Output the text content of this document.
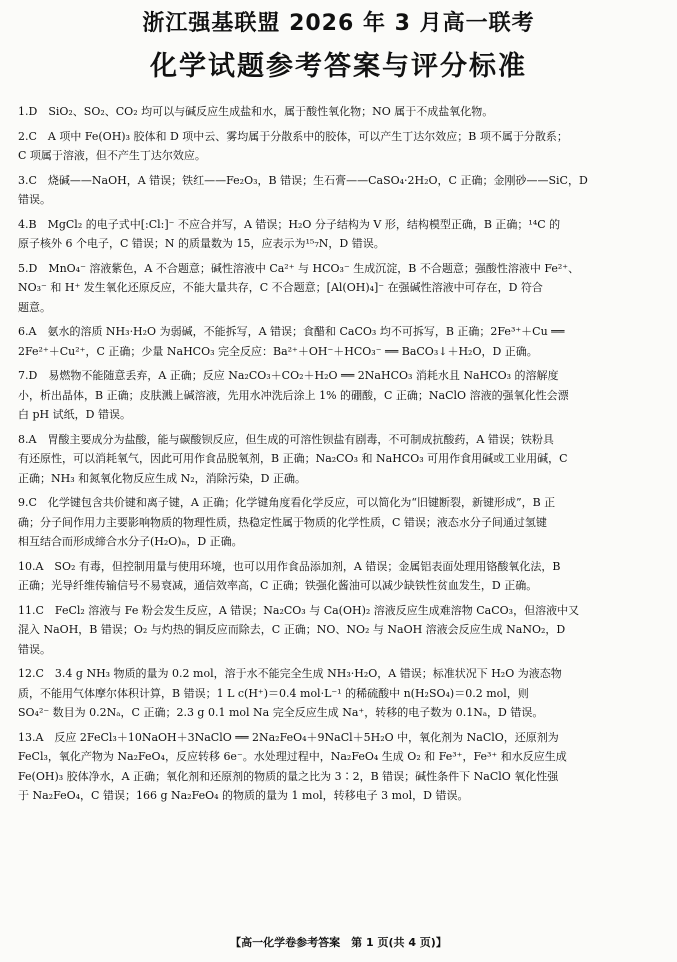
浙江强基联盟 2026 年 3 月高一联考
化学试题参考答案与评分标准
1.D　SiO₂、SO₂、CO₂ 均可以与碱反应生成盐和水，属于酸性氧化物；NO 属于不成盐氧化物。
2.C　A 项中 Fe(OH)₃ 胶体和 D 项中云、雾均属于分散系中的胶体，可以产生丁达尔效应；B 项不属于分散系；
C 项属于溶液，但不产生丁达尔效应。
3.C　烧碱——NaOH，A 错误；铁红——Fe₂O₃，B 错误；生石膏——CaSO₄·2H₂O，C 正确；金刚砂——SiC，D
错误。
4.B　MgCl₂ 的电子式中[:Cl:]⁻ 不应合并写，A 错误；H₂O 分子结构为 V 形，结构模型正确，B 正确；¹⁴C 的
原子核外 6 个电子，C 错误；N 的质量数为 15，应表示为¹⁵₇N，D 错误。
5.D　MnO₄⁻ 溶液紫色，A 不合题意；碱性溶液中 Ca²⁺ 与 HCO₃⁻ 生成沉淀，B 不合题意；强酸性溶液中 Fe²⁺、
NO₃⁻ 和 H⁺ 发生氧化还原反应，不能大量共存，C 不合题意；[Al(OH)₄]⁻ 在强碱性溶液中可存在，D 符合
题意。
6.A　氨水的溶质 NH₃·H₂O 为弱碱，不能拆写，A 错误；食醋和 CaCO₃ 均不可拆写，B 正确；2Fe³⁺＋Cu ══
2Fe²⁺＋Cu²⁺，C 正确；少量 NaHCO₃ 完全反应：Ba²⁺＋OH⁻＋HCO₃⁻ ══ BaCO₃↓＋H₂O，D 正确。
7.D　易燃物不能随意丢弃，A 正确；反应 Na₂CO₃＋CO₂＋H₂O ══ 2NaHCO₃ 消耗水且 NaHCO₃ 的溶解度
小，析出晶体，B 正确；皮肤溅上碱溶液，先用水冲洗后涂上 1% 的硼酸，C 正确；NaClO 溶液的强氧化性会漂
白 pH 试纸，D 错误。
8.A　胃酸主要成分为盐酸，能与碳酸钡反应，但生成的可溶性钡盐有剧毒，不可制成抗酸药，A 错误；铁粉具
有还原性，可以消耗氧气，因此可用作食品脱氧剂，B 正确；Na₂CO₃ 和 NaHCO₃ 可用作食用碱或工业用碱，C
正确；NH₃ 和氮氧化物反应生成 N₂，消除污染，D 正确。
9.C　化学键包含共价键和离子键，A 正确；化学键角度看化学反应，可以简化为“旧键断裂，新键形成”，B 正
确；分子间作用力主要影响物质的物理性质，热稳定性属于物质的化学性质，C 错误；液态水分子间通过氢键
相互结合而形成缔合水分子(H₂O)ₙ，D 正确。
10.A　SO₂ 有毒，但控制用量与使用环境，也可以用作食品添加剂，A 错误；金属铝表面处理用铬酸氧化法，B
正确；光导纤维传输信号不易衰减，通信效率高，C 正确；铁强化酱油可以减少缺铁性贫血发生，D 正确。
11.C　FeCl₂ 溶液与 Fe 粉会发生反应，A 错误；Na₂CO₃ 与 Ca(OH)₂ 溶液反应生成难溶物 CaCO₃，但溶液中又
混入 NaOH，B 错误；O₂ 与灼热的铜反应而除去，C 正确；NO、NO₂ 与 NaOH 溶液会反应生成 NaNO₂，D
错误。
12.C　3.4 g NH₃ 物质的量为 0.2 mol，溶于水不能完全生成 NH₃·H₂O，A 错误；标准状况下 H₂O 为液态物
质，不能用气体摩尔体积计算，B 错误；1 L c(H⁺)＝0.4 mol·L⁻¹ 的稀硫酸中 n(H₂SO₄)＝0.2 mol，则
SO₄²⁻ 数目为 0.2Nₐ，C 正确；2.3 g 0.1 mol Na 完全反应生成 Na⁺，转移的电子数为 0.1Nₐ，D 错误。
13.A　反应 2FeCl₃＋10NaOH＋3NaClO ══ 2Na₂FeO₄＋9NaCl＋5H₂O 中，氧化剂为 NaClO，还原剂为
FeCl₃，氧化产物为 Na₂FeO₄，反应转移 6e⁻。水处理过程中，Na₂FeO₄ 生成 O₂ 和 Fe³⁺，Fe³⁺ 和水反应生成
Fe(OH)₃ 胶体净水，A 正确；氧化剂和还原剂的物质的量之比为 3∶2，B 错误；碱性条件下 NaClO 氧化性强
于 Na₂FeO₄，C 错误；166 g Na₂FeO₄ 的物质的量为 1 mol，转移电子 3 mol，D 错误。
【高一化学卷参考答案　第 1 页(共 4 页)】
